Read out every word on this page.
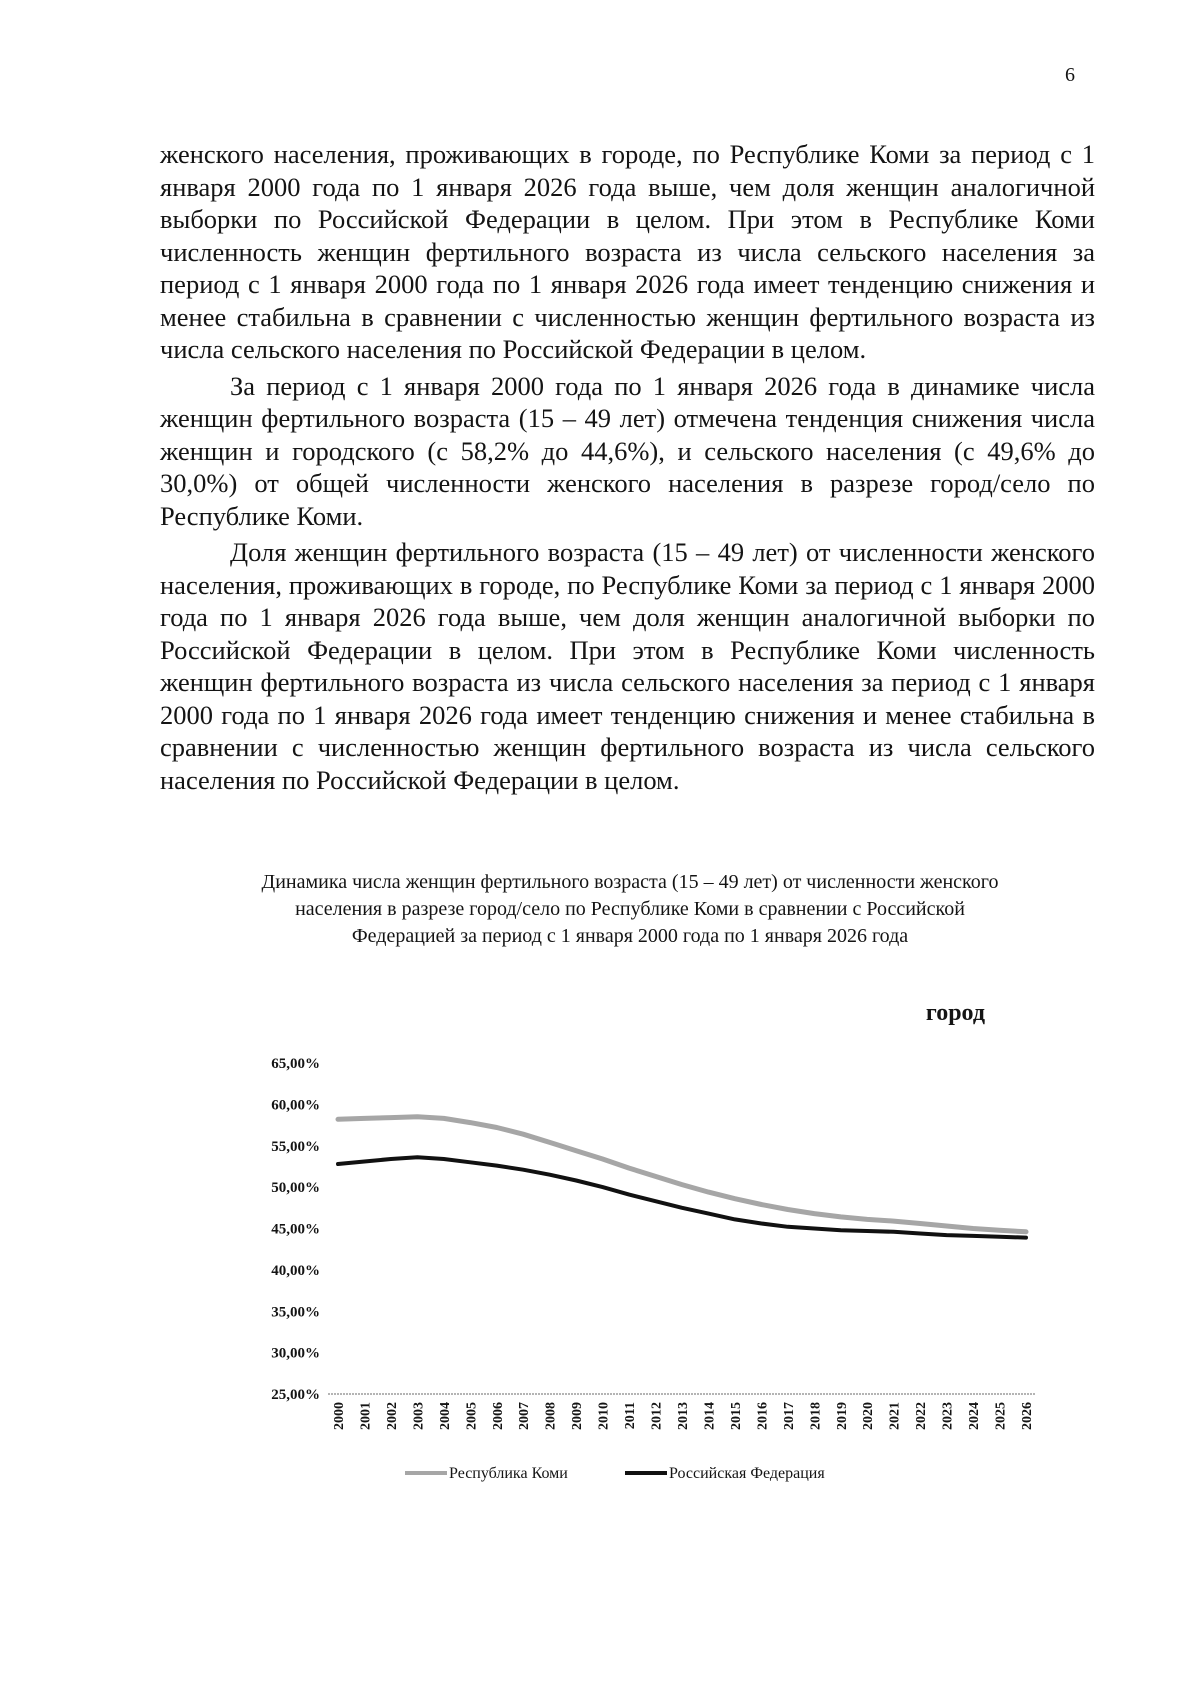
6

женского населения, проживающих в городе, по Республике Коми за период с 1 января 2000 года по 1 января 2026 года выше, чем доля женщин аналогичной выборки по Российской Федерации в целом. При этом в Республике Коми численность женщин фертильного возраста из числа сельского населения за период с 1 января 2000 года по 1 января 2026 года имеет тенденцию снижения и менее стабильна в сравнении с численностью женщин фертильного возраста из числа сельского населения по Российской Федерации в целом.

За период с 1 января 2000 года по 1 января 2026 года в динамике числа женщин фертильного возраста (15 – 49 лет) отмечена тенденция снижения числа женщин и городского (с 58,2% до 44,6%), и сельского населения (с 49,6% до 30,0%) от общей численности женского населения в разрезе город/село по Республике Коми.

Доля женщин фертильного возраста (15 – 49 лет) от численности женского населения, проживающих в городе, по Республике Коми за период с 1 января 2000 года по 1 января 2026 года выше, чем доля женщин аналогичной выборки по Российской Федерации в целом. При этом в Республике Коми численность женщин фертильного возраста из числа сельского населения за период с 1 января 2000 года по 1 января 2026 года имеет тенденцию снижения и менее стабильна в сравнении с численностью женщин фертильного возраста из числа сельского населения по Российской Федерации в целом.

Динамика числа женщин фертильного возраста (15 – 49 лет) от численности женского
населения в разрезе город/село по Республике Коми в сравнении с Российской
Федерацией за период с 1 января 2000 года по 1 января 2026 года
город
25,00%
30,00%
35,00%
40,00%
45,00%
50,00%
55,00%
60,00%
65,00%
2000 2001 2002 2003 2004 2005 2006 2007 2008 2009 2010 2011 2012 2013 2014 2015 2016 2017 2018 2019 2020 2021 2022 2023 2024 2025 2026
Республика Коми	Российская Федерация
